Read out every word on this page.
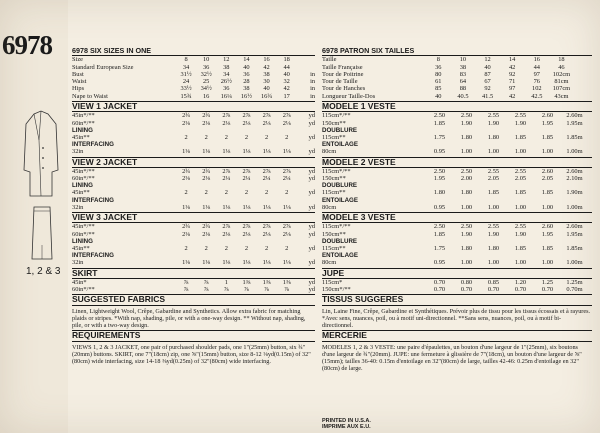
6978
1, 2 & 3
6978 SIX SIZES IN ONE
Size	8	10	12	14	16	18
Standard European Size	34	36	38	40	42	44
Bust	31½	32½	34	36	38	40	in
Waist	24	25	26½	28	30	32	in
Hips	33½	34½	36	38	40	42	in
Nape to Waist	15¾	16	16¼	16½	16¾	17	in
VIEW 1 JACKET
45in*/**	2¾	2¾	2⅞	2⅞	2⅞	2⅞	yd
60in*/**	2⅛	2⅛	2⅛	2⅛	2⅛	2⅛	yd
LINING
45in**	2	2	2	2	2	2	yd
INTERFACING
32in	1⅛	1⅛	1⅛	1⅛	1⅛	1⅛	yd
VIEW 2 JACKET
45in*/**	2¾	2¾	2⅞	2⅞	2⅞	2⅞	yd
60in*/**	2⅛	2⅛	2¼	2¼	2¼	2¼	yd
LINING
45in**	2	2	2	2	2	2	yd
INTERFACING
32in	1⅛	1⅛	1⅛	1⅛	1⅛	1⅛	yd
VIEW 3 JACKET
45in*/**	2¾	2¾	2⅞	2⅞	2⅞	2⅞	yd
60in*/**	2⅛	2⅛	2⅛	2⅛	2⅛	2⅛	yd
LINING
45in**	2	2	2	2	2	2	yd
INTERFACING
32in	1⅛	1⅛	1⅛	1⅛	1⅛	1⅛	yd
SKIRT
45in*	⅞	⅞	1	1⅜	1⅜	1⅜	yd
60in*/**	⅞	⅞	⅞	⅞	⅞	⅞	yd
SUGGESTED FABRICS
Linen, Lightweight Wool, Crêpe, Gabardine and Synthetics. Allow extra fabric for matching plaids or stripes. *With nap, shading, pile, or with a one-way design. ** Without nap, shading, pile, or with a two-way design.
REQUIREMENTS
VIEWS 1, 2 & 3 JACKET, one pair of purchased shoulder pads, one 1"(25mm) button, six ¾"(20mm) buttons. SKIRT, one 7"(18cm) zip, one ⅝"(15mm) button, size 8-12 ⅛yd(0.15m) of 32"(80cm) wide interfacing, size 14-18 ⅜yd(0.25m) of 32"(80cm) wide interfacing.
6978 PATRON SIX TAILLES
Taille	8	10	12	14	16	18
Taille Française	36	38	40	42	44	46
Tour de Poitrine	80	83	87	92	97	102cm
Tour de Taille	61	64	67	71	76	81cm
Tour de Hanches	85	88	92	97	102	107cm
Longueur Taille-Dos	40	40.5	41.5	42	42.5	43cm
MODELE 1 VESTE
115cm*/**	2.50	2.50	2.55	2.55	2.60	2.60m
150cm**	1.85	1.90	1.90	1.90	1.95	1.95m
DOUBLURE
115cm**	1.75	1.80	1.80	1.85	1.85	1.85m
ENTOILAGE
80cm	0.95	1.00	1.00	1.00	1.00	1.00m
MODELE 2 VESTE
115cm*/**	2.50	2.50	2.55	2.55	2.60	2.60m
150cm**	1.95	2.00	2.05	2.05	2.05	2.10m
DOUBLURE
115cm**	1.80	1.80	1.85	1.85	1.85	1.90m
ENTOILAGE
80cm	0.95	1.00	1.00	1.00	1.00	1.00m
MODELE 3 VESTE
115cm*/**	2.50	2.50	2.55	2.55	2.60	2.60m
150cm**	1.85	1.90	1.90	1.90	1.95	1.95m
DOUBLURE
115cm**	1.75	1.80	1.80	1.85	1.85	1.85m
ENTOILAGE
80cm	0.95	1.00	1.00	1.00	1.00	1.00m
JUPE
115cm*	0.70	0.80	0.85	1.20	1.25	1.25m
150cm*/**	0.70	0.70	0.70	0.70	0.70	0.70m
TISSUS SUGGERES
Lin, Laine Fine, Crêpe, Gabardine et Synthétiques. Prévoir plus de tissu pour les tissus écossais et à rayures. *Avec sens, nuances, poil, ou à motif uni-directionnel. **Sans sens, nuances, poil, ou à motif bi-directionnel.
MERCERIE
MODELES 1, 2 & 3 VESTE: une paire d'épaulettes, un bouton d'une largeur de 1"(25mm), six boutons d'une largeur de ¾"(20mm). JUPE: une fermeture à glissière de 7"(18cm), un bouton d'une largeur de ⅝"(15mm); tailles 36-40: 0.15m d'entoilage en 32"(80cm) de large, tailles 42-46: 0.25m d'entoilage en 32"(80cm) de large.
PRINTED IN U.S.A.
IMPRIME AUX E.U.
